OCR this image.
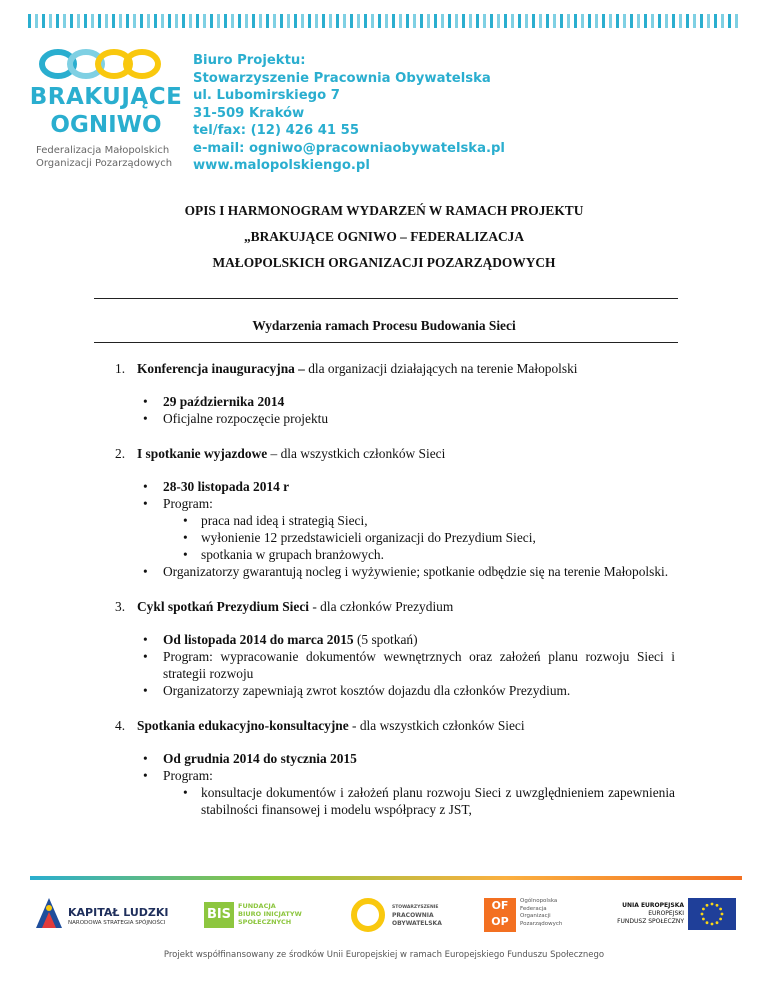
BRAKUJĄCE
OGNIWO
Federalizacja Małopolskich
Organizacji Pozarządowych
Biuro Projektu:
Stowarzyszenie Pracownia Obywatelska
ul. Lubomirskiego 7
31-509 Kraków
tel/fax: (12) 426 41 55
e-mail: ogniwo@pracowniaobywatelska.pl
www.malopolskiengo.pl
OPIS I HARMONOGRAM WYDARZEŃ W RAMACH PROJEKTU
„BRAKUJĄCE OGNIWO – FEDERALIZACJA
MAŁOPOLSKICH ORGANIZACJI POZARZĄDOWYCH
Wydarzenia ramach Procesu Budowania Sieci
1. Konferencja inauguracyjna – dla organizacji działających na terenie Małopolski
• 29 października 2014
• Oficjalne rozpoczęcie projektu
2. I spotkanie wyjazdowe – dla wszystkich członków Sieci
• 28-30 listopada 2014 r
• Program:
• praca nad ideą i strategią Sieci,
• wyłonienie 12 przedstawicieli organizacji do Prezydium Sieci,
• spotkania w grupach branżowych.
• Organizatorzy gwarantują nocleg i wyżywienie; spotkanie odbędzie się na terenie Małopolski.
3. Cykl spotkań Prezydium Sieci - dla członków Prezydium
• Od listopada 2014 do marca 2015 (5 spotkań)
• Program: wypracowanie dokumentów wewnętrznych oraz założeń planu rozwoju Sieci i strategii rozwoju
• Organizatorzy zapewniają zwrot kosztów dojazdu dla członków Prezydium.
4. Spotkania edukacyjno-konsultacyjne - dla wszystkich członków Sieci
• Od grudnia 2014 do stycznia 2015
• Program:
• konsultacje dokumentów i założeń planu rozwoju Sieci z uwzględnieniem zapewnienia stabilności finansowej i modelu współpracy z JST,
KAPITAŁ LUDZKI
NARODOWA STRATEGIA SPÓJNOŚCI
BIS
FUNDACJA
BIURO INICJATYW
SPOŁECZNYCH
STOWARZYSZENIE
PRACOWNIA
OBYWATELSKA
OF
OP
Ogólnopolska
Federacja
Organizacji
Pozarządowych
UNIA EUROPEJSKA
EUROPEJSKI
FUNDUSZ SPOŁECZNY
Projekt współfinansowany ze środków Unii Europejskiej w ramach Europejskiego Funduszu Społecznego
